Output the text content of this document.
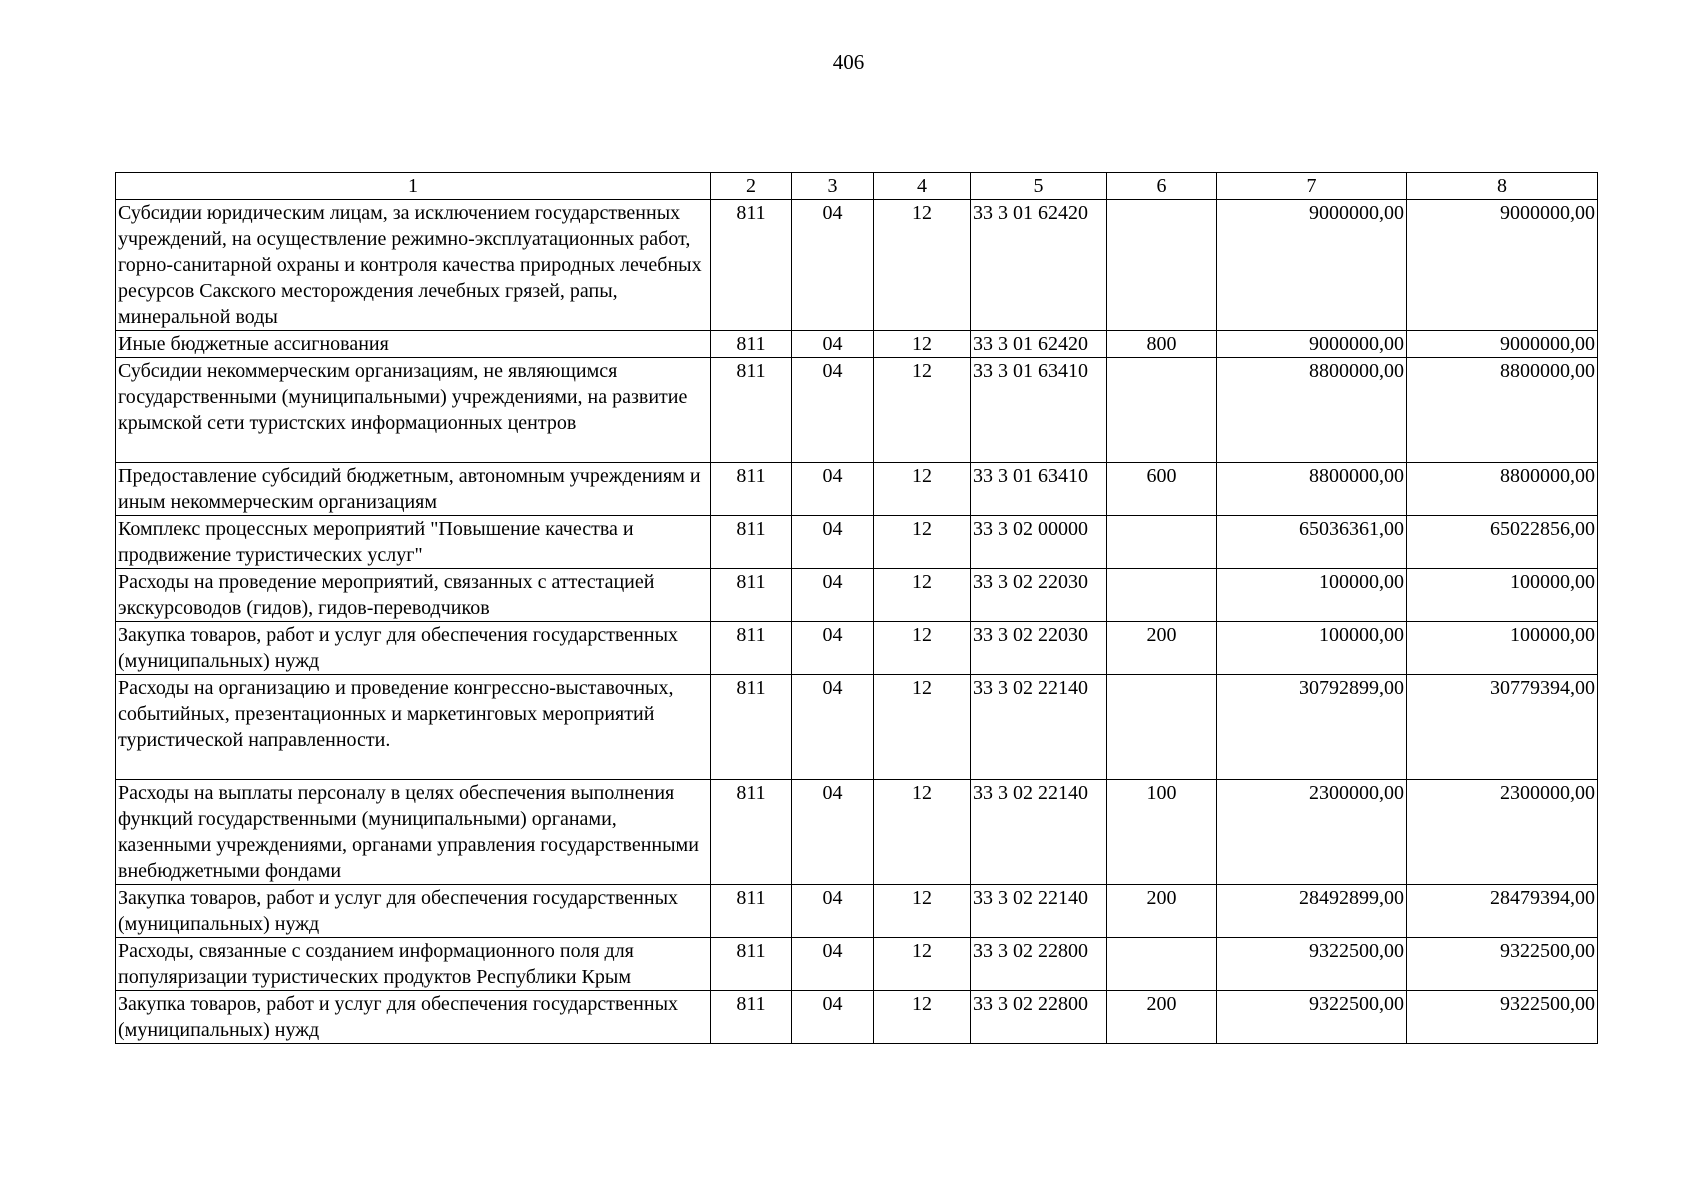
406
1	2	3	4	5	6	7	8
Субсидии юридическим лицам, за исключением государственных учреждений, на осуществление режимно-эксплуатационных работ, горно-санитарной охраны и контроля качества природных лечебных ресурсов Сакского месторождения лечебных грязей, рапы, минеральной воды	811	04	12	33 3 01 62420		9000000,00	9000000,00
Иные бюджетные ассигнования	811	04	12	33 3 01 62420	800	9000000,00	9000000,00
Субсидии некоммерческим организациям, не являющимся государственными (муниципальными) учреждениями, на развитие крымской сети туристских информационных центров	811	04	12	33 3 01 63410		8800000,00	8800000,00
Предоставление субсидий бюджетным, автономным учреждениям и иным некоммерческим организациям	811	04	12	33 3 01 63410	600	8800000,00	8800000,00
Комплекс процессных мероприятий "Повышение качества и продвижение туристических услуг"	811	04	12	33 3 02 00000		65036361,00	65022856,00
Расходы на проведение мероприятий, связанных с аттестацией экскурсоводов (гидов), гидов-переводчиков	811	04	12	33 3 02 22030		100000,00	100000,00
Закупка товаров, работ и услуг для обеспечения государственных (муниципальных) нужд	811	04	12	33 3 02 22030	200	100000,00	100000,00
Расходы на организацию и проведение конгрессно-выставочных, событийных, презентационных и маркетинговых мероприятий туристической направленности.	811	04	12	33 3 02 22140		30792899,00	30779394,00
Расходы на выплаты персоналу в целях обеспечения выполнения функций государственными (муниципальными) органами, казенными учреждениями, органами управления государственными внебюджетными фондами	811	04	12	33 3 02 22140	100	2300000,00	2300000,00
Закупка товаров, работ и услуг для обеспечения государственных (муниципальных) нужд	811	04	12	33 3 02 22140	200	28492899,00	28479394,00
Расходы, связанные с созданием информационного поля для популяризации туристических продуктов Республики Крым	811	04	12	33 3 02 22800		9322500,00	9322500,00
Закупка товаров, работ и услуг для обеспечения государственных (муниципальных) нужд	811	04	12	33 3 02 22800	200	9322500,00	9322500,00
